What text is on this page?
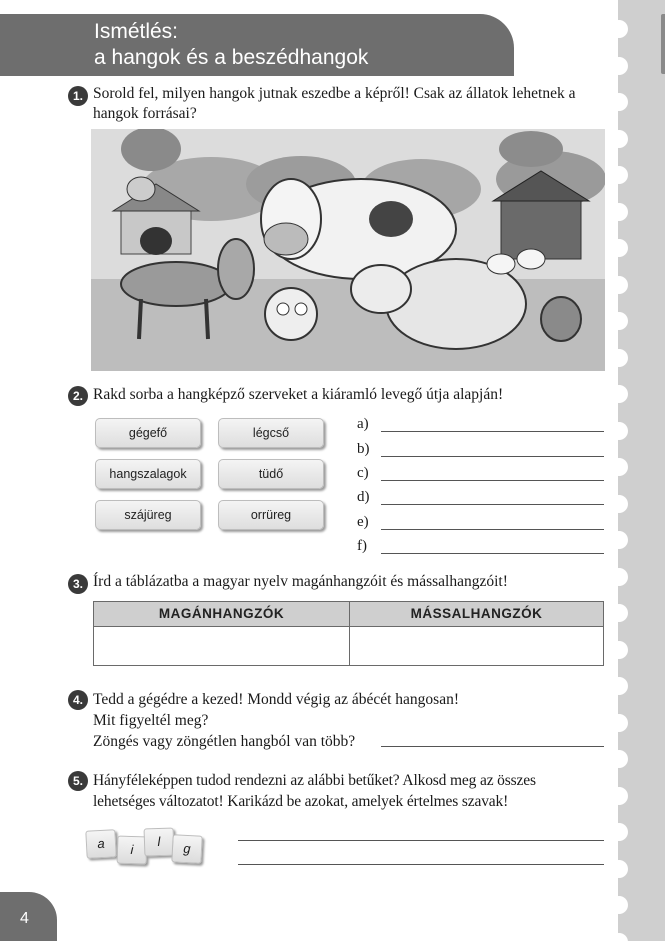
Ismétlés:
a hangok és a beszédhangok
1. Sorold fel, milyen hangok jutnak eszedbe a képről! Csak az állatok lehetnek a
hangok forrásai?
2. Rakd sorba a hangképző szerveket a kiáramló levegő útja alapján!
gégefő	légcső
hangszalagok	tüdő
szájüreg	orrüreg
a)
b)
c)
d)
e)
f)
3. Írd a táblázatba a magyar nyelv magánhangzóit és mássalhangzóit!
MAGÁNHANGZÓK	MÁSSALHANGZÓK
4. Tedd a gégédre a kezed! Mondd végig az ábécét hangosan!
Mit figyeltél meg?
Zöngés vagy zöngétlen hangból van több?
5. Hányféleképpen tudod rendezni az alábbi betűket? Alkosd meg az összes
lehetséges változatot! Karikázd be azokat, amelyek értelmes szavak!
a	i
l	g
4
